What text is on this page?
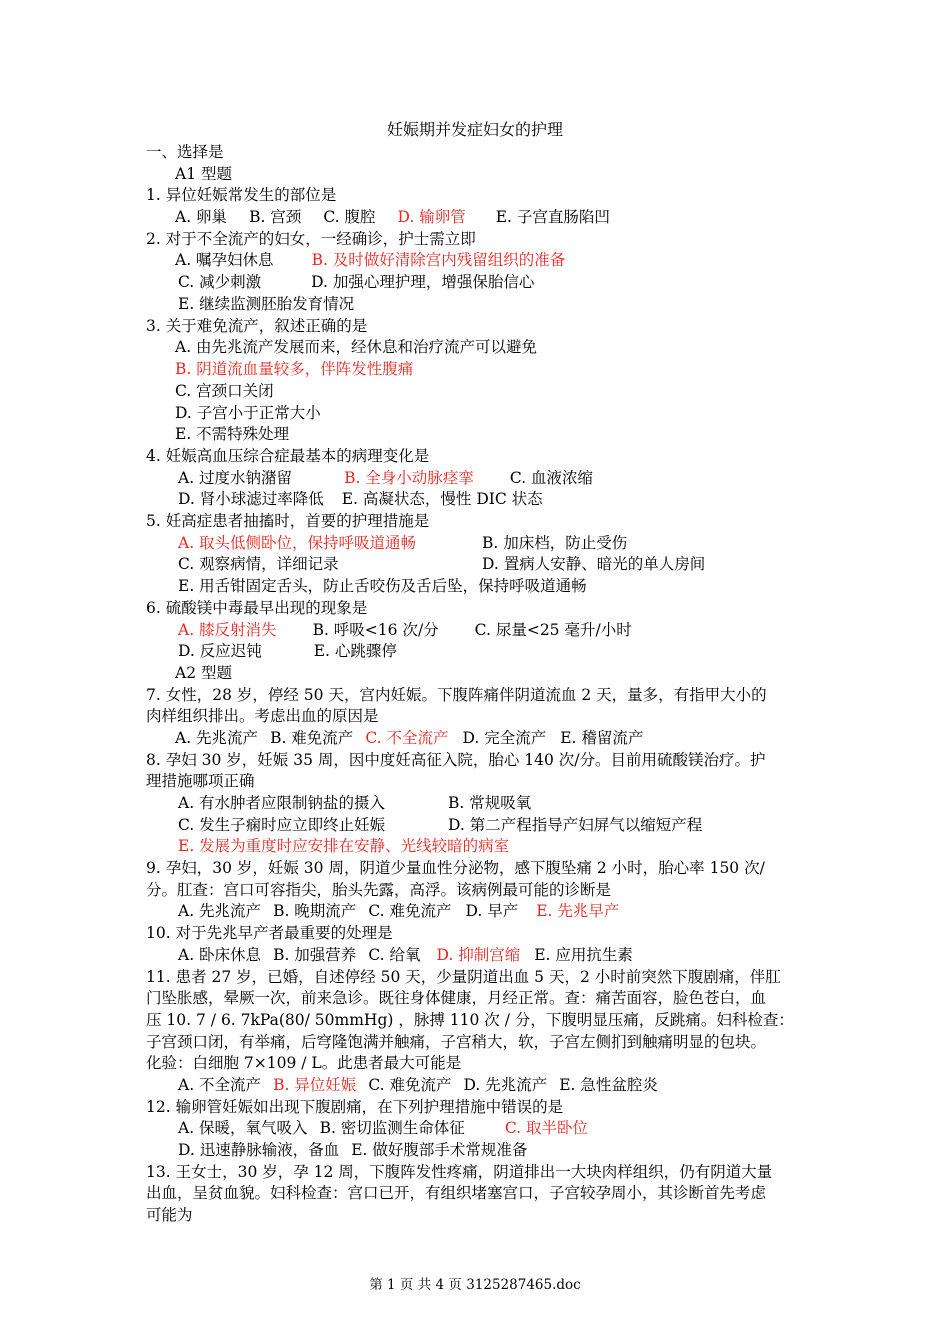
妊娠期并发症妇女的护理
一、选择是
A1 型题
1. 异位妊娠常发生的部位是
A. 卵巢 B. 宫颈 C. 腹腔 D. 输卵管 E. 子宫直肠陷凹
2. 对于不全流产的妇女，一经确诊，护士需立即
A. 嘱孕妇休息 B. 及时做好清除宫内残留组织的准备
C. 减少刺激	D. 加强心理护理，增强保胎信心
E. 继续监测胚胎发育情况
3. 关于难免流产，叙述正确的是
A. 由先兆流产发展而来，经休息和治疗流产可以避免
B. 阴道流血量较多，伴阵发性腹痛
C. 宫颈口关闭
D. 子宫小于正常大小
E. 不需特殊处理
4. 妊娠高血压综合症最基本的病理变化是
A. 过度水钠潴留	B. 全身小动脉痉挛 C. 血液浓缩
D. 肾小球滤过率降低 E. 高凝状态，慢性 DIC 状态
5. 妊高症患者抽搐时，首要的护理措施是
A. 取头低侧卧位，保持呼吸道通畅	B. 加床档，防止受伤
C. 观察病情，详细记录	D. 置病人安静、暗光的单人房间
E. 用舌钳固定舌头，防止舌咬伤及舌后坠，保持呼吸道通畅
6. 硫酸镁中毒最早出现的现象是
A. 膝反射消失 B. 呼吸<16 次/分 C. 尿量<25 毫升/小时
D. 反应迟钝	E. 心跳骤停
A2 型题
7. 女性，28 岁，停经 50 天，宫内妊娠。下腹阵痛伴阴道流血 2 天，量多，有指甲大小的
肉样组织排出。考虑出血的原因是
A. 先兆流产 B. 难免流产 C. 不全流产 D. 完全流产 E. 稽留流产
8. 孕妇 30 岁，妊娠 35 周，因中度妊高征入院，胎心 140 次/分。目前用硫酸镁治疗。护
理措施哪项正确
A. 有水肿者应限制钠盐的摄入	B. 常规吸氧
C. 发生子痫时应立即终止妊娠	D. 第二产程指导产妇屏气以缩短产程
E. 发展为重度时应安排在安静、光线较暗的病室
9. 孕妇，30 岁，妊娠 30 周，阴道少量血性分泌物，感下腹坠痛 2 小时，胎心率 150 次/
分。肛查：宫口可容指尖，胎头先露，高浮。该病例最可能的诊断是
A. 先兆流产 B. 晚期流产 C. 难免流产 D. 早产 E. 先兆早产
10. 对于先兆早产者最重要的处理是
A. 卧床休息 B. 加强营养 C. 给氧 D. 抑制宫缩 E. 应用抗生素
11. 患者 27 岁，已婚，自述停经 50 天，少量阴道出血 5 天，2 小时前突然下腹剧痛，伴肛
门坠胀感，晕厥一次，前来急诊。既往身体健康，月经正常。查：痛苦面容，脸色苍白，血
压 10. 7 / 6. 7kPa(80/ 50mmHg) ，脉搏 110 次 / 分，下腹明显压痛，反跳痛。妇科检查：
子宫颈口闭，有举痛，后穹隆饱满并触痛，子宫稍大，软，子宫左侧扪到触痛明显的包块。
化验：白细胞 7×109 / L。此患者最大可能是
A. 不全流产 B. 异位妊娠 C. 难免流产 D. 先兆流产 E. 急性盆腔炎
12. 输卵管妊娠如出现下腹剧痛，在下列护理措施中错误的是
A. 保暖，氧气吸入 B. 密切监测生命体征	C. 取半卧位
D. 迅速静脉输液，备血 E. 做好腹部手术常规准备
13. 王女士，30 岁，孕 12 周，下腹阵发性疼痛，阴道排出一大块肉样组织，仍有阴道大量
出血，呈贫血貌。妇科检查：宫口已开，有组织堵塞宫口，子宫较孕周小，其诊断首先考虑
可能为
第 1 页 共 4 页 3125287465.doc
